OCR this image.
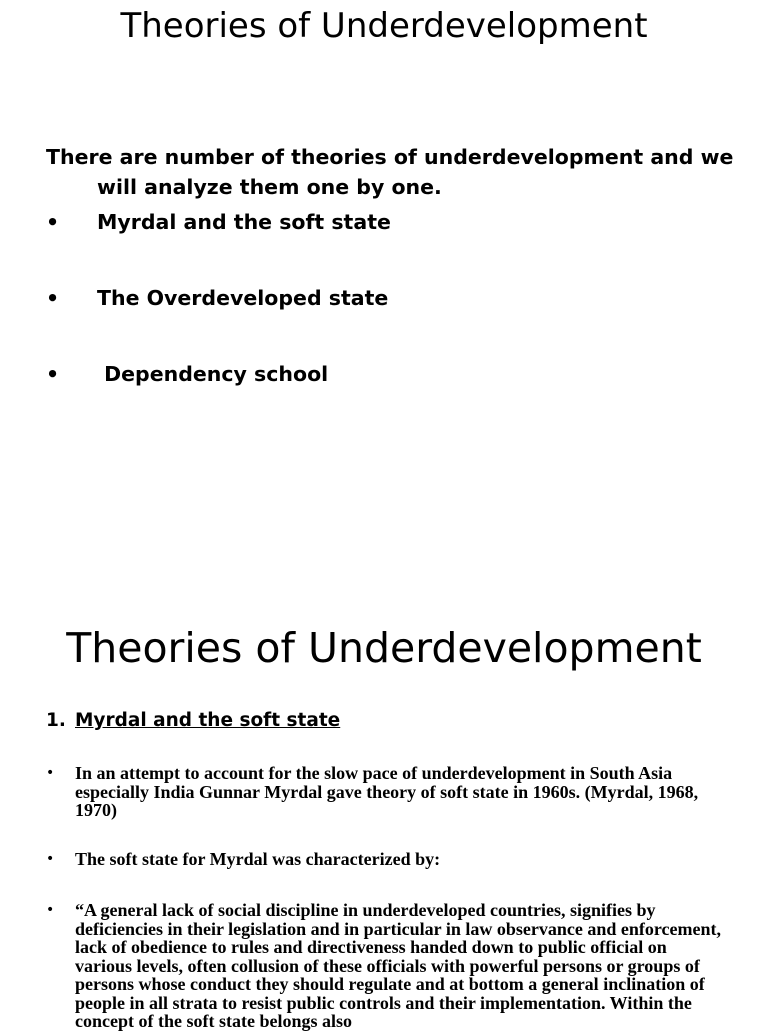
Theories of Underdevelopment
There are number of theories of underdevelopment and we
will analyze them one by one.
• Myrdal and the soft state
• The Overdeveloped state
• Dependency school
Theories of Underdevelopment
1. Myrdal and the soft state
• In an attempt to account for the slow pace of underdevelopment in South Asia especially India Gunnar Myrdal gave theory of soft state in 1960s. (Myrdal, 1968, 1970)
• The soft state for Myrdal was characterized by:
• “A general lack of social discipline in underdeveloped countries, signifies by deficiencies in their legislation and in particular in law observance and enforcement, lack of obedience to rules and directiveness handed down to public official on various levels, often collusion of these officials with powerful persons or groups of persons whose conduct they should regulate and at bottom a general inclination of people in all strata to resist public controls and their implementation. Within the concept of the soft state belongs also
